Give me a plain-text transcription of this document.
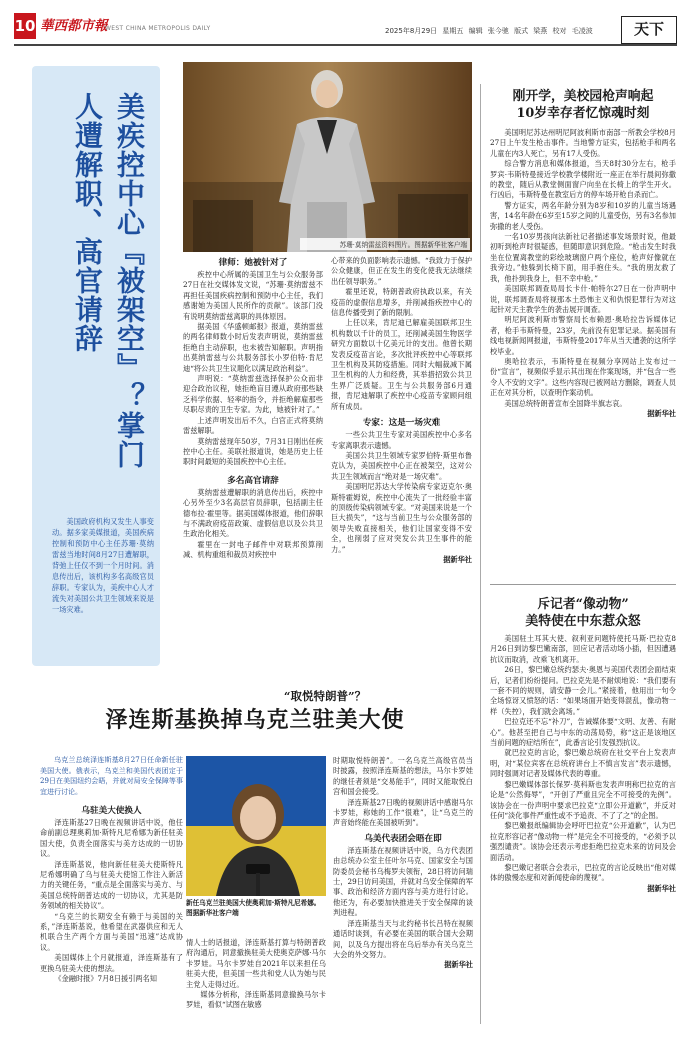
10 華西都市報
WEST CHINA METROPOLIS DAILY	2025年8月29日 星期五 编辑 张今驰 版式 梁燕 校对 毛凌波	天下
美疾控中心『被架空』？掌门人遭解职、高官请辞
美国政府机构又发生人事变动。据多家美媒报道，美国疾病控制和预防中心主任苏珊·莫纳雷兹当地时间8月27日遭解职，背弛上任仅不到一个月时间。消息传出后，该机构多名高级官员辞职。专家认为，美疾中心人才流失对美国公共卫生领域来说是一场灾难。
苏珊·莫纳雷兹资料图片。图据新华社客户端
律师：她被针对了

疾控中心所属的美国卫生与公众服务部27日在社交媒体发文说，“苏珊·莫纳雷兹不再担任美国疾病控制和预防中心主任，我们感谢她为美国人民所作的贡献”。该部门没有说明莫纳雷兹离职的具体原因。

据美国《华盛顿邮报》报道，莫纳雷兹的两名律师数小时后发表声明说，莫纳雷兹拒绝自主动辞职，也未被告知解职。声明指出莫纳雷兹与公共服务部长小罗伯特·肯尼迪“将公共卫生议题化以满足政治利益”。

声明说：“莫纳雷兹选择保护公众而非迎合政治议程，她拒绝盲目遵从政府那些缺乏科学依据、轻率的指令，并拒绝解雇那些尽职尽责的卫生专家。为此，她被针对了。”

上述声明发出后不久，白宫正式将莫纳雷兹解职。

莫纳雷兹现年50岁，7月31日刚出任疾控中心主任。美联社报道说，她是历史上任职时间最短的美国疾控中心主任。

多名高官请辞

莫纳雷兹遭解职的消息传出后，疾控中心另外至少3名高层官员辞职，包括副主任德布拉·霍里等。据美国媒体报道，他们辞职与不满政府疫苗政策、虚假信息以及公共卫生政治化相关。

霍里在一封电子邮件中对联邦预算削减、机构重组和裁员对疾控中

心带来的负面影响表示遗憾。“我致力于保护公众健康，但正在发生的变化使我无法继续出任领导职务。”

霍里还说，特朗普政府执政以来，有关疫苗的虚假信息增多，并削减指疾控中心的信息传播受到了新的限制。

上任以来，肯尼迪已解雇美国联邦卫生机构数以千计的员工，还削减美国生物医学研究方面数以十亿美元计的支出。他曾长期发表反疫苗言论，多次批评疾控中心等联邦卫生机构及其防疫措施。同时大幅裁减下属卫生机构的人力和经费，其举措招致公共卫生界广泛质疑。卫生与公共服务部6月通报，肯尼迪解职了疾控中心疫苗专家顾问组所有成员。

专家：这是一场灾难

一些公共卫生专家对美国疾控中心多名专家离职表示遗憾。

美国公共卫生领域专家罗伯特·斯里布鲁克认为，美国疾控中心正在被架空，这对公共卫生领域而言“绝对是一场灾难”。

美国明尼苏达大学传染病专家迈克尔·奥斯特霍姆说，疾控中心流失了一批经验丰富的顶级传染病领域专家。“对美国来说是一个巨大损失”，“这与当前卫生与公众服务部的领导失败直接相关，他们让国家变得不安全，也削弱了应对突发公共卫生事件的能力。”

据新华社
刚开学，美校园枪声响起
10岁幸存者忆惊魂时刻

美国明尼苏达州明尼阿波利斯市南部一所教会学校8月27日上午发生枪击事件。当地警方证实，包括枪手和两名儿童在内3人死亡，另有17人受伤。

综合警方消息和媒体报道，当天8时30分左右，枪手罗宾·韦斯特曼接近学校教学楼附近一座正在举行晨间弥撒的教堂，随后从教堂侧面窗户向坐在长椅上的学生开火。行凶后，韦斯特曼在教室后方的停车场开枪自杀而亡。

警方证实，两名年龄分别为8岁和10岁的儿童当场遇害，14名年龄在6岁至15岁之间的儿童受伤，另有3名参加弥撒的老人受伤。

一名10岁男孩向法新社记者描述事发场景时说，他最初听到枪声时很疑惑，但随即意识到危险。“枪击发生时我坐在位置离教堂的彩绘玻璃窗户两个座位，枪声好像就在我旁边。”他躲到长椅下面，用手抱住头。“我的朋友救了我，他扑到我身上，但不幸中枪。”

美国联邦调查局局长卡什·帕特尔27日在一份声明中说，联邦调查局将视那本土恐怖主义和仇恨犯罪行为对这起针对天主教学生的袭击展开调查。

明尼阿波利斯市警察局长布赖恩·奥哈拉告诉媒体记者，枪手韦斯特曼，23岁，先前没有犯罪记录。据美国有线电视新闻网报道，韦斯特曼2017年从当天遭袭的这所学校毕业。

奥哈拉表示，韦斯特曼在视频分享网站上发布过一份“宣言”，视频似乎显示其出现在作案现场，并“包含一些令人不安的文字”。这些内容现已被网站方删除，调查人员正在对其分析，以查明作案动机。

美国总统特朗普宣布全国降半旗志哀。

据新华社
斥记者“像动物”
美特使在中东惹众怒

美国驻土耳其大使、叙利亚问题特使托马斯·巴拉克8月26日到访黎巴嫩南部，回应记者活动场小插，但因遭遇抗议而取消，改乘飞机离开。

26日，黎巴嫩总统约瑟夫·奥恩与美国代表团会面结束后，记者们纷纷提问。巴拉克先是不耐烦地说：“我们要有一套不同的规则，请安静一会儿。”紧接着，他用出一句令全场惊讶又愤怒的话：“如果场面开始变得混乱，像动物一样（失控），我们就会离场。”

巴拉克还不忘“补刀”，告诫媒体要“文明、友善、有耐心”。他甚至把自己与中东的动荡局势，称“这正是该地区当前问题的症结所在”，此番言论引发强烈抗议。

就巴拉克的言论，黎巴嫩总统府在社交平台上发表声明，对“某位宾客在总统府讲台上不慎言发言”表示遗憾，同时强调对记者及媒体代表的尊重。

黎巴嫩媒体部长保罗·莫科斯也发表声明称巴拉克的言论是“公然侮辱”，“开创了严重且完全不可接受的先例”。该协会在一份声明中要求巴拉克“立即公开道歉”，并反对任何“淡化事件严重性或不予追责、不了了之”的企图。

黎巴嫩报纸编辑协会呼吁巴拉克“公开道歉”，认为巴拉克形容记者“像动物一样”是完全不可接受的，“必须予以强烈谴责”。该协会还表示考虑拒绝巴拉克未来的访问及会面活动。

黎巴嫩记者联合会表示，巴拉克的言论反映出“他对媒体的傲慢态度和对新闻使命的蔑视”。

据新华社
“取悦特朗普”？
泽连斯基换掉乌克兰驻美大使
乌克兰总统泽连斯基8月27日任命新任驻美国大使。俄表示，乌克兰和美国代表团定于29日在美国纽约会晤，并就对局安全保障等事宜进行讨论。
乌驻美大使换人

泽连斯基27日晚在视频讲话中说，他任命前副总理奥莉加·斯特凡尼希娜为新任驻美国大使，负责全面落实与美方达成的一切协议。

泽连斯基说，他向新任驻美大使斯特凡尼希娜明确了乌与驻美大使馆工作注入新活力的关键任务，“重点是全面落实与美方、与美国总统特朗普达成的一切协议，尤其是防务领域的相关协议”。

“乌克兰的长期安全有赖于与美国的关系，”泽连斯基说，他希望在武器供应和无人机联合生产两个方面与美国“迅速”达成协议。

美国媒体上个月就报道，泽连斯基有了更换乌驻美大使的想法。

《金融时报》7月8日援引两名知

新任乌克兰驻美国大使奥莉加·斯特凡尼希娜。 图据新华社客户端

情人士的话报道，泽连斯基打算与特朗普政府沟通后，同意撤换驻美大使奥克萨娜·马尔卡罗娃。马尔卡罗娃自2021年以来担任乌驻美大使，但美国一些共和党人认为她与民主党人走得过近。

媒体分析称，泽连斯基同意撤换马尔卡罗娃，看似“试图在敏感

时期取悦特朗普”。一名乌克兰高级官员当时披露，按照泽连斯基的想法，马尔卡罗娃的继任者须是“交易能手”，同时又能取悦白宫和国会接受。

泽连斯基27日晚的视频讲话中感谢马尔卡罗娃，称她的工作“很难”，让“乌克兰的声音始终能在美国被听到”。

乌美代表团会晤在即

泽连斯基在视频讲话中说，乌方代表团由总统办公室主任叶尔马克、国家安全与国防委员会秘书乌梅罗夫领衔，28日将访问瑞士，29日访问美国，并就对乌安全保障的军事、政治和经济方面内容与美方进行讨论。他还为，有必要加快推进关于安全保障的谈判进程。

泽连斯基当天与北约秘书长吕特在视频通话时谈到，有必要在美国的联合国大会期间，以及乌方提出将在乌后举办有关乌克兰大会的外交努力。

据新华社
